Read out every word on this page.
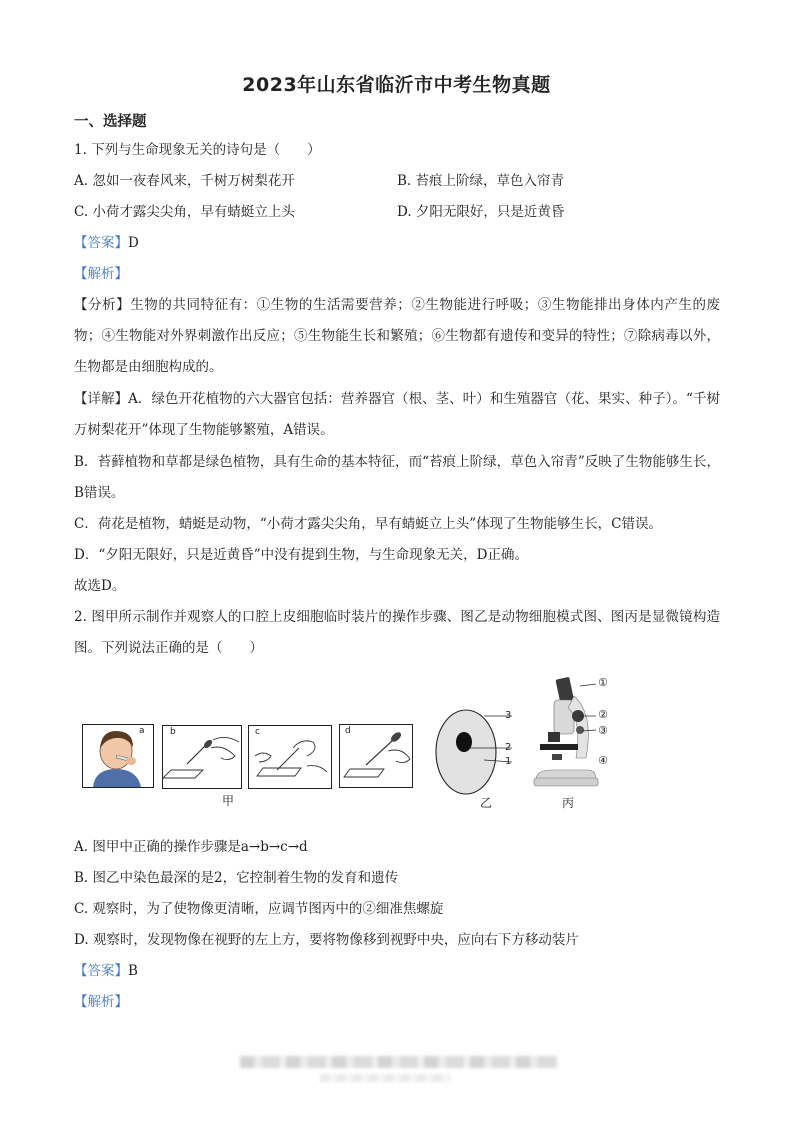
2023年山东省临沂市中考生物真题
一、选择题
1. 下列与生命现象无关的诗句是（　　）
A. 忽如一夜春风来，千树万树梨花开	B. 苔痕上阶绿，草色入帘青
C. 小荷才露尖尖角，早有蜻蜓立上头	D. 夕阳无限好，只是近黄昏
【答案】D
【解析】
【分析】生物的共同特征有：①生物的生活需要营养；②生物能进行呼吸；③生物能排出身体内产生的废物；④生物能对外界刺激作出反应；⑤生物能生长和繁殖；⑥生物都有遗传和变异的特性；⑦除病毒以外，生物都是由细胞构成的。
【详解】A．绿色开花植物的六大器官包括：营养器官（根、茎、叶）和生殖器官（花、果实、种子）。“千树万树梨花开”体现了生物能够繁殖，A错误。
B．苔藓植物和草都是绿色植物，具有生命的基本特征，而“苔痕上阶绿，草色入帘青”反映了生物能够生长，B错误。
C．荷花是植物，蜻蜓是动物，“小荷才露尖尖角，早有蜻蜓立上头”体现了生物能够生长，C错误。
D．“夕阳无限好，只是近黄昏”中没有提到生物，与生命现象无关，D正确。
故选D。
2. 图甲所示制作并观察人的口腔上皮细胞临时装片的操作步骤、图乙是动物细胞模式图、图丙是显微镜构造图。下列说法正确的是（　　）
a	b	c	d
甲
3
2
1
乙
①
②
③
④
丙
A. 图甲中正确的操作步骤是a→b→c→d
B. 图乙中染色最深的是2，它控制着生物的发育和遗传
C. 观察时，为了使物像更清晰，应调节图丙中的②细准焦螺旋
D. 观察时，发现物像在视野的左上方，要将物像移到视野中央，应向右下方移动装片
【答案】B
【解析】
